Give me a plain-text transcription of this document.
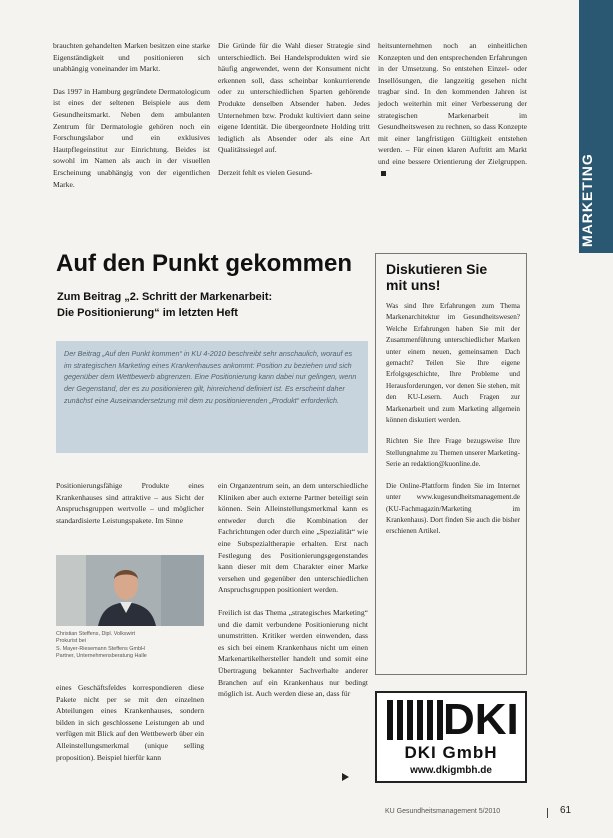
brauchten gehandelten Marken besitzen eine starke Eigenständigkeit und positionieren sich unabhängig voneinander im Markt.

Das 1997 in Hamburg gegründete Dermatologicum ist eines der seltenen Beispiele aus dem Gesundheitsmarkt. Neben dem ambulanten Zentrum für Dermatologie gehören noch ein Forschungslabor und ein exklusives Hautpflegeinstitut zur Einrichtung. Beides ist sowohl im Namen als auch in der visuellen Erscheinung unabhängig von der eigentlichen Marke.

Die Gründe für die Wahl dieser Strategie sind unterschiedlich. Bei Handelsprodukten wird sie häufig angewendet, wenn der Konsument nicht erkennen soll, dass scheinbar konkurrierende oder zu unterschiedlichen Sparten gehörende Produkte denselben Absender haben. Jedes Unternehmen bzw. Produkt kultiviert dann seine eigene Identität. Die übergeordnete Holding tritt lediglich als Absender oder als eine Art Qualitätssiegel auf.

Derzeit fehlt es vielen Gesund-

heitsunternehmen noch an einheitlichen Konzepten und den entsprechenden Erfahrungen in der Umsetzung. So entstehen Einzel- oder Insellösungen, die langzeitig gesehen nicht tragbar sind. In den kommenden Jahren ist jedoch weiterhin mit einer Verbesserung der strategischen Markenarbeit im Gesundheitswesen zu rechnen, so dass Konzepte mit einer langfristigen Gültigkeit entstehen werden. – Für einen klaren Auftritt am Markt und eine bessere Orientierung der Zielgruppen.	MARKETING
Auf den Punkt gekommen

Zum Beitrag „2. Schritt der Markenarbeit:
Die Positionierung“ im letzten Heft

Der Beitrag „Auf den Punkt kommen“ in KU 4-2010 beschreibt sehr anschaulich, worauf es im strategischen Marketing eines Krankenhauses ankommt: Position zu beziehen und sich gegenüber dem Wettbewerb abgrenzen. Eine Positionierung kann dabei nur gelingen, wenn der Gegenstand, der es zu positionieren gilt, hinreichend definiert ist. Es erscheint daher zunächst eine Auseinandersetzung mit dem zu positionierenden „Produkt“ erforderlich.

Positionierungsfähige Produkte eines Krankenhauses sind attraktive – aus Sicht der Anspruchsgruppen wertvolle – und möglicher standardisierte Leistungspakete. Im Sinne

Christian Steffens, Dipl. Volkswirt
Prokurist bei
S. Mayer-Riesemann Steffens GmbH
Partner, Unternehmensberatung Halle

eines Geschäftsfeldes korrespondieren diese Pakete nicht per se mit den einzelnen Abteilungen eines Krankenhauses, sondern bilden in sich geschlossene Leistungen ab und verfügen mit Blick auf den Wettbewerb über ein Alleinstellungsmerkmal (unique selling proposition). Beispiel hierfür kann

ein Organzentrum sein, an dem unterschiedliche Kliniken aber auch externe Partner beteiligt sein können. Sein Alleinstellungsmerkmal kann es entweder durch die Kombination der Fachrichtungen oder durch eine „Spezialität“ wie eine Subspezialtherapie erhalten. Erst nach Festlegung des Positionierungsgegenstandes kann dieser mit dem Charakter einer Marke versehen und gegenüber den unterschiedlichen Anspruchsgruppen positioniert werden.

Freilich ist das Thema „strategisches Marketing“ und die damit verbundene Positionierung nicht unumstritten. Kritiker werden einwenden, dass es sich bei einem Krankenhaus nicht um einen Markenartikelhersteller handelt und somit eine Übertragung bekannter Sachverhalte anderer Branchen auf ein Krankenhaus nur bedingt möglich ist. Auch werden diese an, dass für

Diskutieren Sie
mit uns!

Was sind Ihre Erfahrungen zum Thema Markenarchitektur im Gesundheitswesen? Welche Erfahrungen haben Sie mit der Zusammenführung unterschiedlicher Marken unter einem neuen, gemeinsamen Dach gemacht? Teilen Sie Ihre eigene Erfolgsgeschichte, Ihre Probleme und Herausforderungen, vor denen Sie stehen, mit den KU-Lesern. Auch Fragen zur Markenarbeit und zum Marketing allgemein können diskutiert werden.

Richten Sie Ihre Frage bezugsweise Ihre Stellungnahme zu Themen unserer Marketing-Serie an redaktion@kuonline.de.

Die Online-Plattform finden Sie im Internet unter www.kugesundheitsmanagement.de (KU-Fachmagazin/Marketing im Krankenhaus). Dort finden Sie auch die bisher erschienen Artikel.

DKI
DKI GmbH
www.dkigmbh.de
KU Gesundheitsmanagement 5/2010	61
